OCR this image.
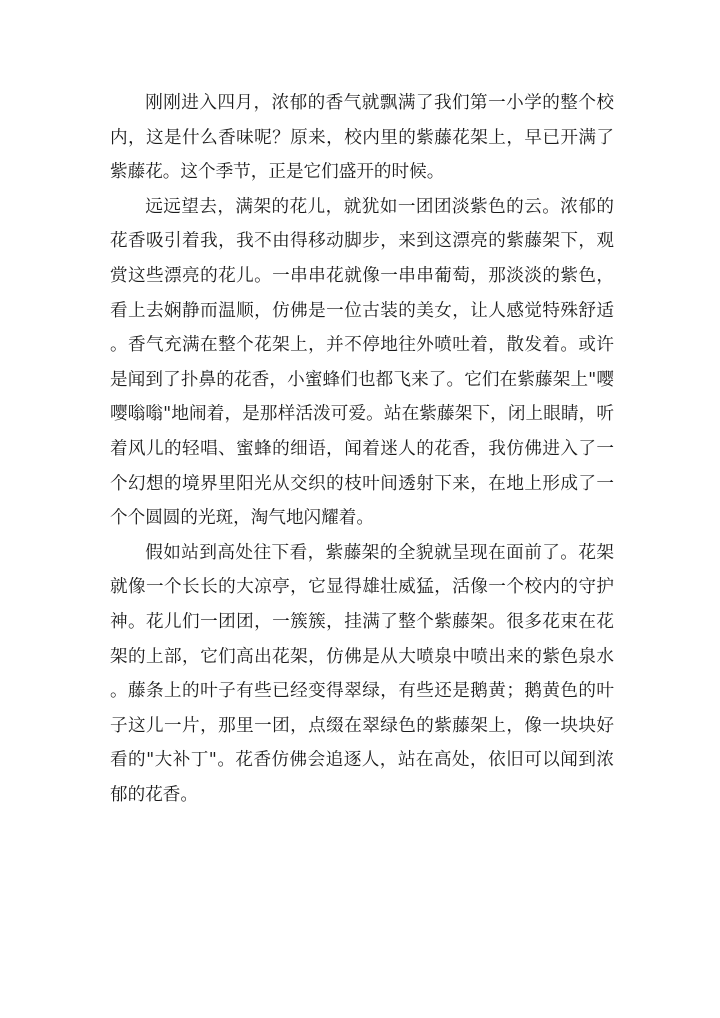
刚刚进入四月，浓郁的香气就飘满了我们第一小学的整个校内，这是什么香味呢？原来，校内里的紫藤花架上，早已开满了紫藤花。这个季节，正是它们盛开的时候。

远远望去，满架的花儿，就犹如一团团淡紫色的云。浓郁的花香吸引着我，我不由得移动脚步，来到这漂亮的紫藤架下，观赏这些漂亮的花儿。一串串花就像一串串葡萄，那淡淡的紫色，看上去娴静而温顺，仿佛是一位古装的美女，让人感觉特殊舒适。香气充满在整个花架上，并不停地往外喷吐着，散发着。或许是闻到了扑鼻的花香，小蜜蜂们也都飞来了。它们在紫藤架上"嘤嘤嗡嗡"地闹着，是那样活泼可爱。站在紫藤架下，闭上眼睛，听着风儿的轻唱、蜜蜂的细语，闻着迷人的花香，我仿佛进入了一个幻想的境界里阳光从交织的枝叶间透射下来，在地上形成了一个个圆圆的光斑，淘气地闪耀着。

假如站到高处往下看，紫藤架的全貌就呈现在面前了。花架就像一个长长的大凉亭，它显得雄壮威猛，活像一个校内的守护神。花儿们一团团，一簇簇，挂满了整个紫藤架。很多花束在花架的上部，它们高出花架，仿佛是从大喷泉中喷出来的紫色泉水。藤条上的叶子有些已经变得翠绿，有些还是鹅黄；鹅黄色的叶子这儿一片，那里一团，点缀在翠绿色的紫藤架上，像一块块好看的"大补丁"。花香仿佛会追逐人，站在高处，依旧可以闻到浓郁的花香。
